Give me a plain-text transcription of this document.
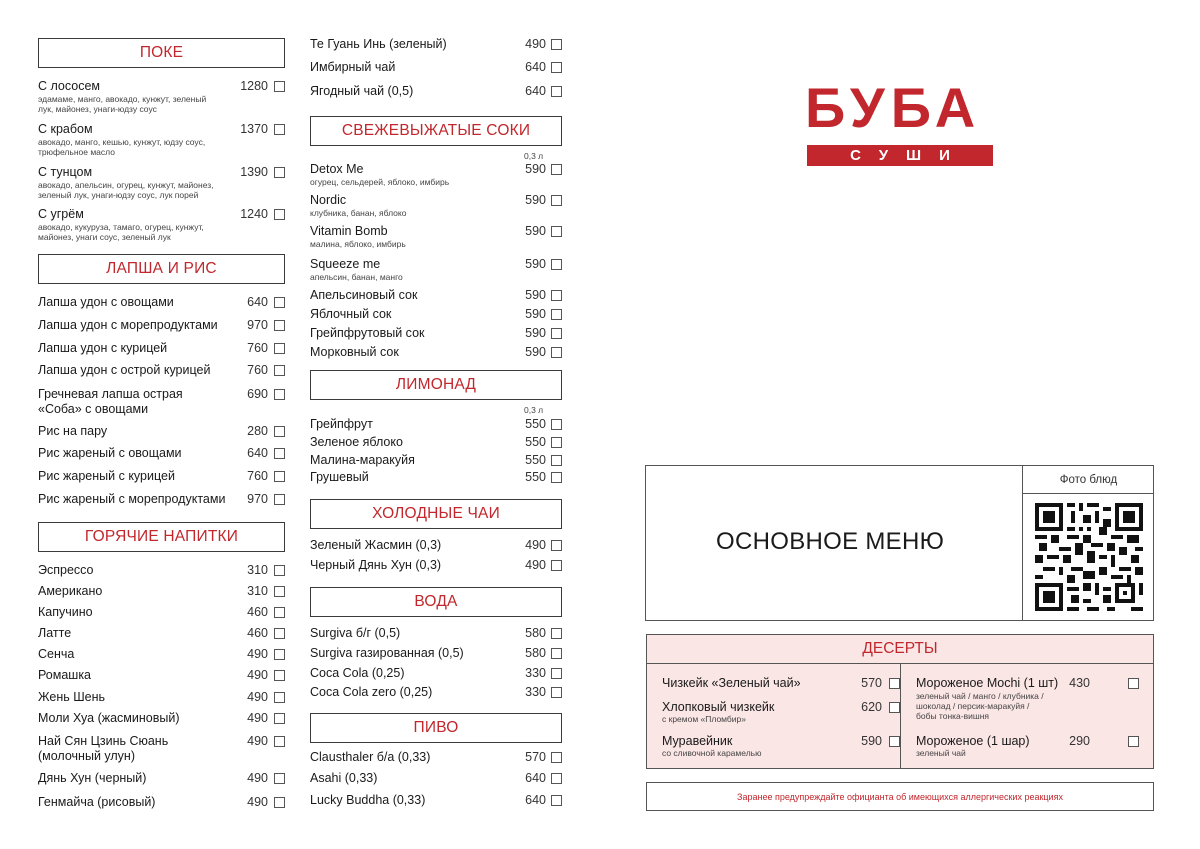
ПОКЕ
С лососем
эдамаме, манго, авокадо, кунжут, зеленый
лук, майонез, унаги-юдзу соус
1280
С крабом
авокадо, манго, кешью, кунжут, юдзу соус,
трюфельное масло
1370
С тунцом
авокадо, апельсин, огурец, кунжут, майонез,
зеленый лук, унаги-юдзу соус, лук порей
1390
С угрём
авокадо, кукуруза, тамаго, огурец, кунжут,
майонез, унаги соус, зеленый лук
1240
ЛАПША И РИС
Лапша удон с овощами	640
Лапша удон с морепродуктами	970
Лапша удон с курицей	760
Лапша удон с острой курицей	760
Гречневая лапша острая
«Соба» с овощами
690
Рис на пару	280
Рис жареный с овощами	640
Рис жареный с курицей	760
Рис жареный с морепродуктами	970
ГОРЯЧИЕ НАПИТКИ
Эспрессо	310
Американо	310
Капучино	460
Латте	460
Сенча	490
Ромашка	490
Жень Шень	490
Моли Хуа (жасминовый)	490
Най Сян Цзинь Сюань
(молочный улун)
490
Дянь Хун (черный)	490
Генмайча (рисовый)	490
Те Гуань Инь (зеленый)	490
Имбирный чай	640
Ягодный чай (0,5)	640
СВЕЖЕВЫЖАТЫЕ СОКИ
0,3 л
Detox Me
огурец, сельдерей, яблоко, имбирь
590
Nordic
клубника, банан, яблоко
590
Vitamin Bomb
малина, яблоко, имбирь
590
Squeeze me
апельсин, банан, манго
590
Апельсиновый сок	590
Яблочный сок	590
Грейпфрутовый сок	590
Морковный сок	590
ЛИМОНАД
0,3 л
Грейпфрут	550
Зеленое яблоко	550
Малина-маракуйя	550
Грушевый	550
ХОЛОДНЫЕ ЧАИ
Зеленый Жасмин (0,3)	490
Черный Дянь Хун (0,3)	490
ВОДА
Surgiva б/г (0,5)	580
Surgiva газированная (0,5)	580
Coca Cola (0,25)	330
Coca Cola zero (0,25)	330
ПИВО
Clausthaler б/а (0,33)	570
Asahi (0,33)	640
Lucky Buddha (0,33)	640
БУБА
СУШИ
ОСНОВНОЕ МЕНЮ
Фото блюд
ДЕСЕРТЫ
Чизкейк «Зеленый чай»	570
Хлопковый чизкейк
с кремом «Пломбир»
620
Муравейник
со сливочной карамелью
590
Мороженое Mochi (1 шт)
зеленый чай / манго / клубника /
шоколад / персик-маракуйя /
бобы тонка-вишня
430
Мороженое (1 шар)
зеленый чай
290
Заранее предупреждайте официанта об имеющихся аллергических реакциях
